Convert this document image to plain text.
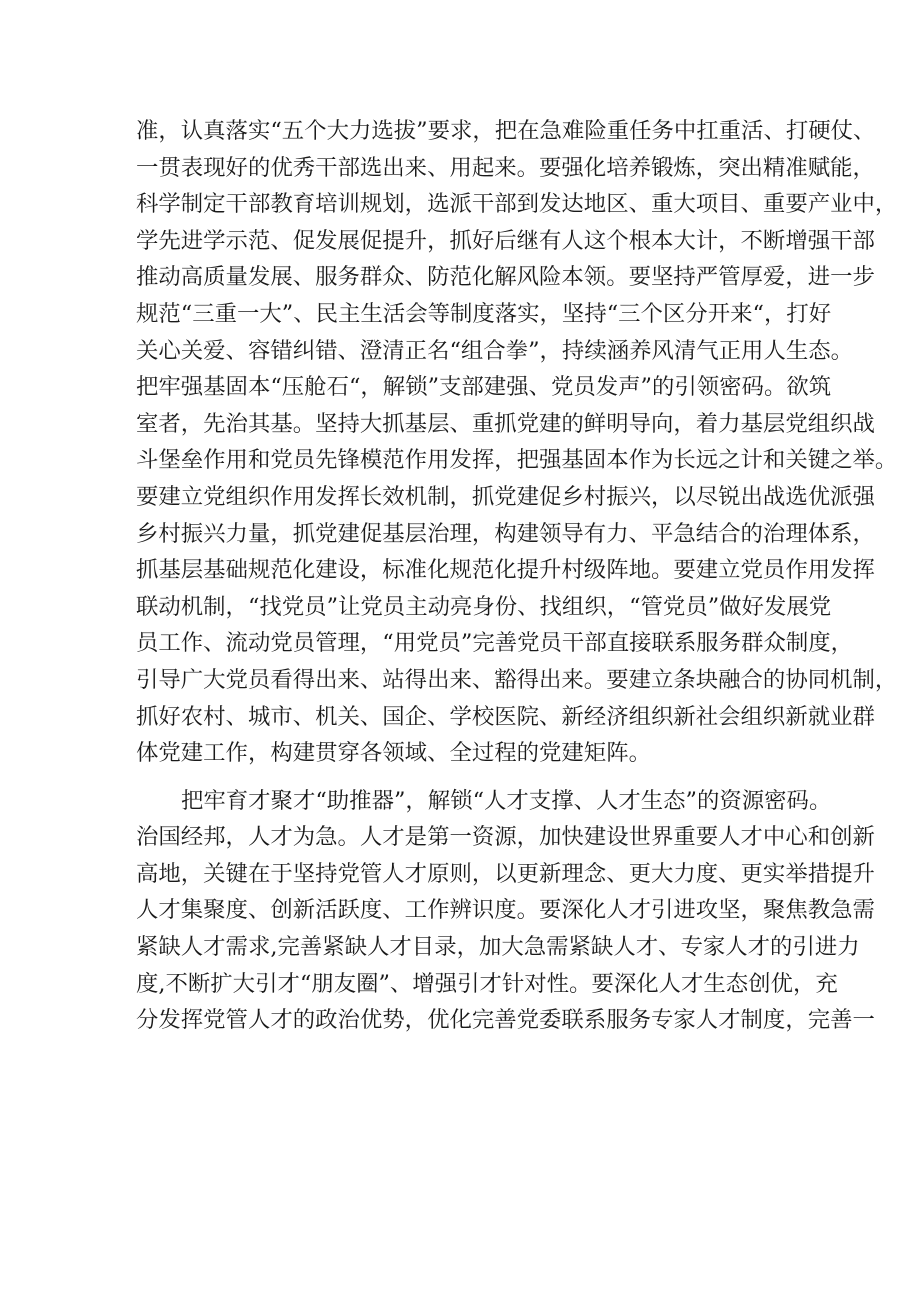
准，认真落实“五个大力选拔”要求，把在急难险重任务中扛重活、打硬仗、
一贯表现好的优秀干部选出来、用起来。要强化培养锻炼，突出精准赋能，
科学制定干部教育培训规划，选派干部到发达地区、重大项目、重要产业中，
学先进学示范、促发展促提升，抓好后继有人这个根本大计，不断增强干部
推动高质量发展、服务群众、防范化解风险本领。要坚持严管厚爱，进一步
规范“三重一大”、民主生活会等制度落实，坚持“三个区分开来“，打好
关心关爱、容错纠错、澄清正名“组合拳”，持续涵养风清气正用人生态。
把牢强基固本“压舱石“，解锁”支部建强、党员发声”的引领密码。欲筑
室者，先治其基。坚持大抓基层、重抓党建的鲜明导向，着力基层党组织战
斗堡垒作用和党员先锋模范作用发挥，把强基固本作为长远之计和关键之举。
要建立党组织作用发挥长效机制，抓党建促乡村振兴，以尽锐出战选优派强
乡村振兴力量，抓党建促基层治理，构建领导有力、平急结合的治理体系，
抓基层基础规范化建设，标准化规范化提升村级阵地。要建立党员作用发挥
联动机制，“找党员”让党员主动亮身份、找组织，“管党员”做好发展党
员工作、流动党员管理，“用党员”完善党员干部直接联系服务群众制度，
引导广大党员看得出来、站得出来、豁得出来。要建立条块融合的协同机制，
抓好农村、城市、机关、国企、学校医院、新经济组织新社会组织新就业群
体党建工作，构建贯穿各领域、全过程的党建矩阵。
把牢育才聚才“助推器”，解锁“人才支撑、人才生态”的资源密码。
治国经邦，人才为急。人才是第一资源，加快建设世界重要人才中心和创新
高地，关键在于坚持党管人才原则，以更新理念、更大力度、更实举措提升
人才集聚度、创新活跃度、工作辨识度。要深化人才引进攻坚，聚焦教急需
紧缺人才需求,完善紧缺人才目录，加大急需紧缺人才、专家人才的引进力
度,不断扩大引才“朋友圈”、增强引才针对性。要深化人才生态创优，充
分发挥党管人才的政治优势，优化完善党委联系服务专家人才制度，完善一
